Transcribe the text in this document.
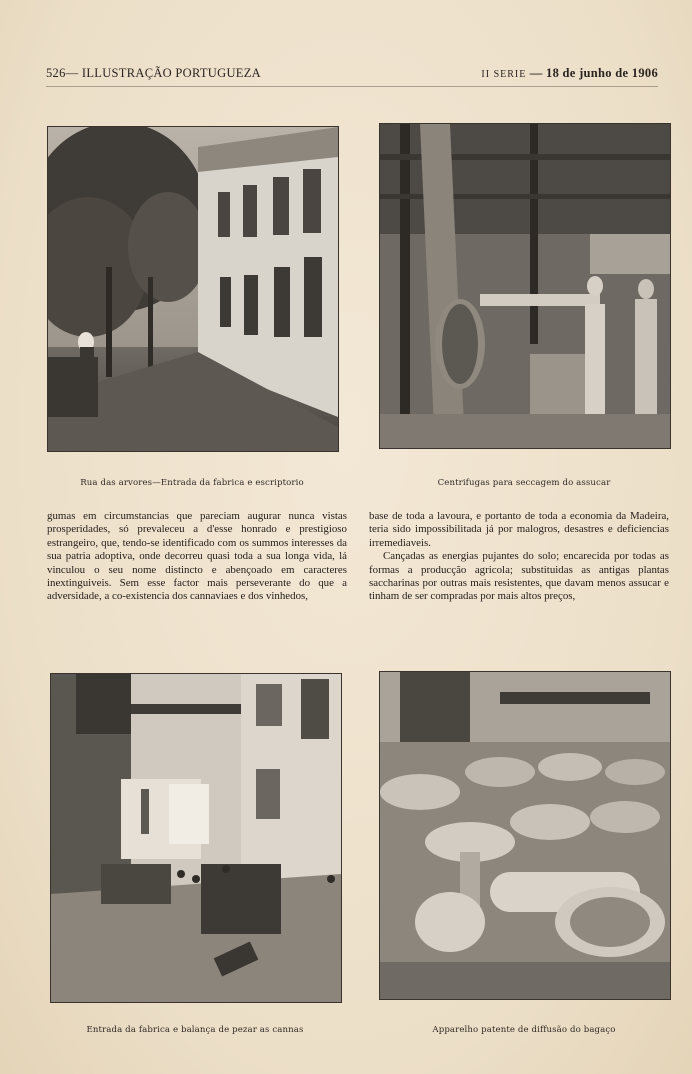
526— ILLUSTRAÇÃO PORTUGUEZA	II SERIE — 18 de junho de 1906
Rua das arvores—Entrada da fabrica e escriptorio	Centrifugas para seccagem do assucar

gumas em circumstancias que pareciam augurar nunca vistas prosperidades, só prevaleceu a d'esse honrado e prestigioso estrangeiro, que, tendo-se identificado com os summos interesses da sua patria adoptiva, onde decorreu quasi toda a sua longa vida, lá vinculou o seu nome distincto e abençoado em caracteres inextinguiveis. Sem esse factor mais perseverante do que a adversidade, a co-existencia dos cannaviaes e dos vinhedos,

base de toda a lavoura, e portanto de toda a economia da Madeira, teria sido impossibilitada já por malogros, desastres e deficiencias irremediaveis.

Cançadas as energias pujantes do solo; encarecida por todas as formas a producção agricola; substituidas as antigas plantas saccharinas por outras mais resistentes, que davam menos assucar e tinham de ser compradas por mais altos preços,

Entrada da fabrica e balança de pezar as cannas	Apparelho patente de diffusão do bagaço
